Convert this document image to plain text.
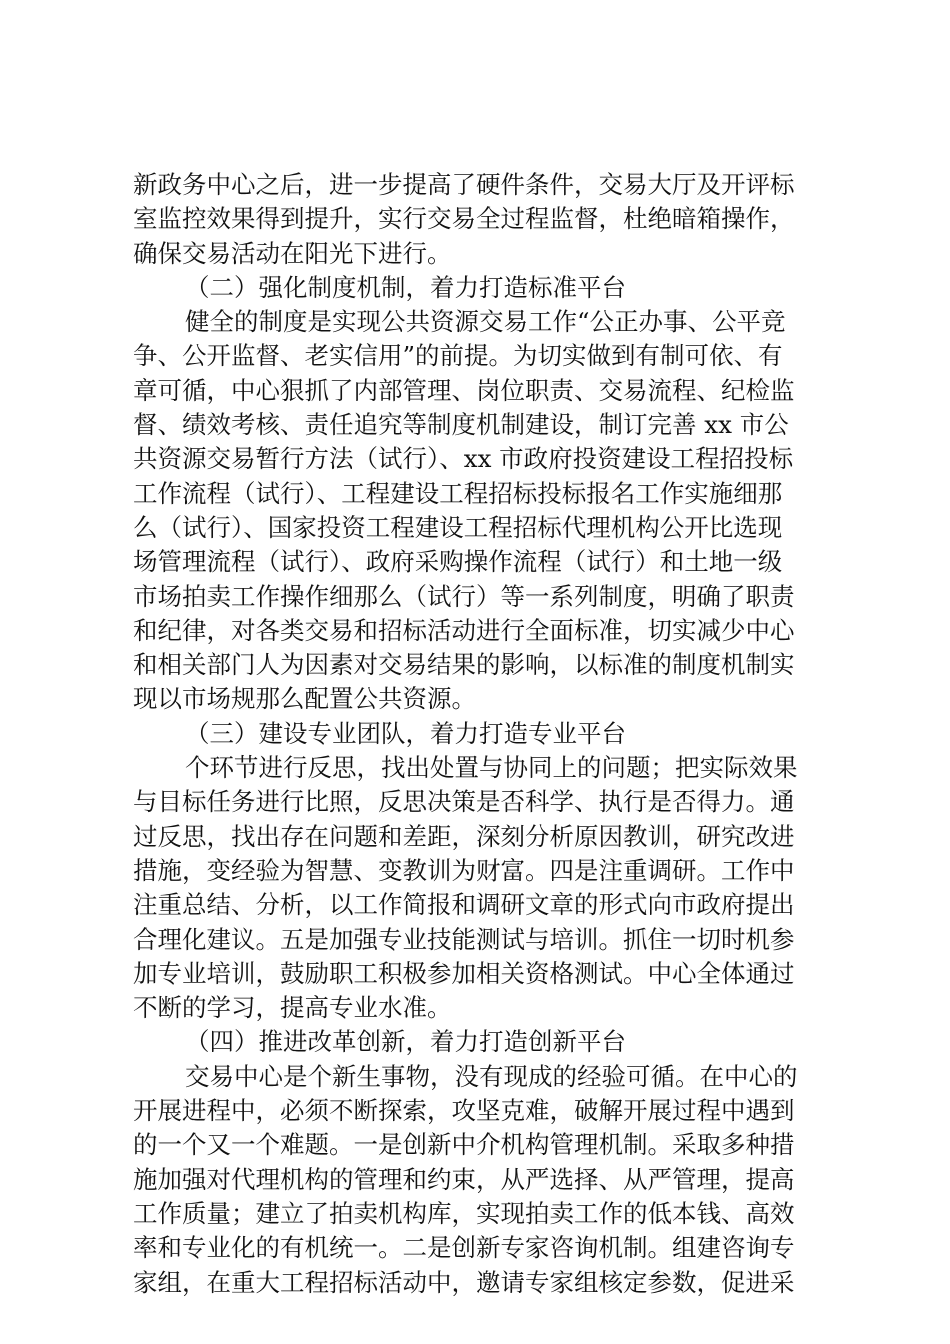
新政务中心之后，进一步提高了硬件条件，交易大厅及开评标
室监控效果得到提升，实行交易全过程监督，杜绝暗箱操作，
确保交易活动在阳光下进行。
（二）强化制度机制，着力打造标准平台
健全的制度是实现公共资源交易工作“公正办事、公平竞
争、公开监督、老实信用”的前提。为切实做到有制可依、有
章可循，中心狠抓了内部管理、岗位职责、交易流程、纪检监
督、绩效考核、责任追究等制度机制建设，制订完善 xx 市公
共资源交易暂行方法（试行）、xx 市政府投资建设工程招投标
工作流程（试行）、工程建设工程招标投标报名工作实施细那
么（试行）、国家投资工程建设工程招标代理机构公开比选现
场管理流程（试行）、政府采购操作流程（试行）和土地一级
市场拍卖工作操作细那么（试行）等一系列制度，明确了职责
和纪律，对各类交易和招标活动进行全面标准，切实减少中心
和相关部门人为因素对交易结果的影响，以标准的制度机制实
现以市场规那么配置公共资源。
（三）建设专业团队，着力打造专业平台
个环节进行反思，找出处置与协同上的问题；把实际效果
与目标任务进行比照，反思决策是否科学、执行是否得力。通
过反思，找出存在问题和差距，深刻分析原因教训，研究改进
措施，变经验为智慧、变教训为财富。四是注重调研。工作中
注重总结、分析，以工作简报和调研文章的形式向市政府提出
合理化建议。五是加强专业技能测试与培训。抓住一切时机参
加专业培训，鼓励职工积极参加相关资格测试。中心全体通过
不断的学习，提高专业水准。
（四）推进改革创新，着力打造创新平台
交易中心是个新生事物，没有现成的经验可循。在中心的
开展进程中，必须不断探索，攻坚克难，破解开展过程中遇到
的一个又一个难题。一是创新中介机构管理机制。采取多种措
施加强对代理机构的管理和约束，从严选择、从严管理，提高
工作质量；建立了拍卖机构库，实现拍卖工作的低本钱、高效
率和专业化的有机统一。二是创新专家咨询机制。组建咨询专
家组，在重大工程招标活动中，邀请专家组核定参数，促进采
